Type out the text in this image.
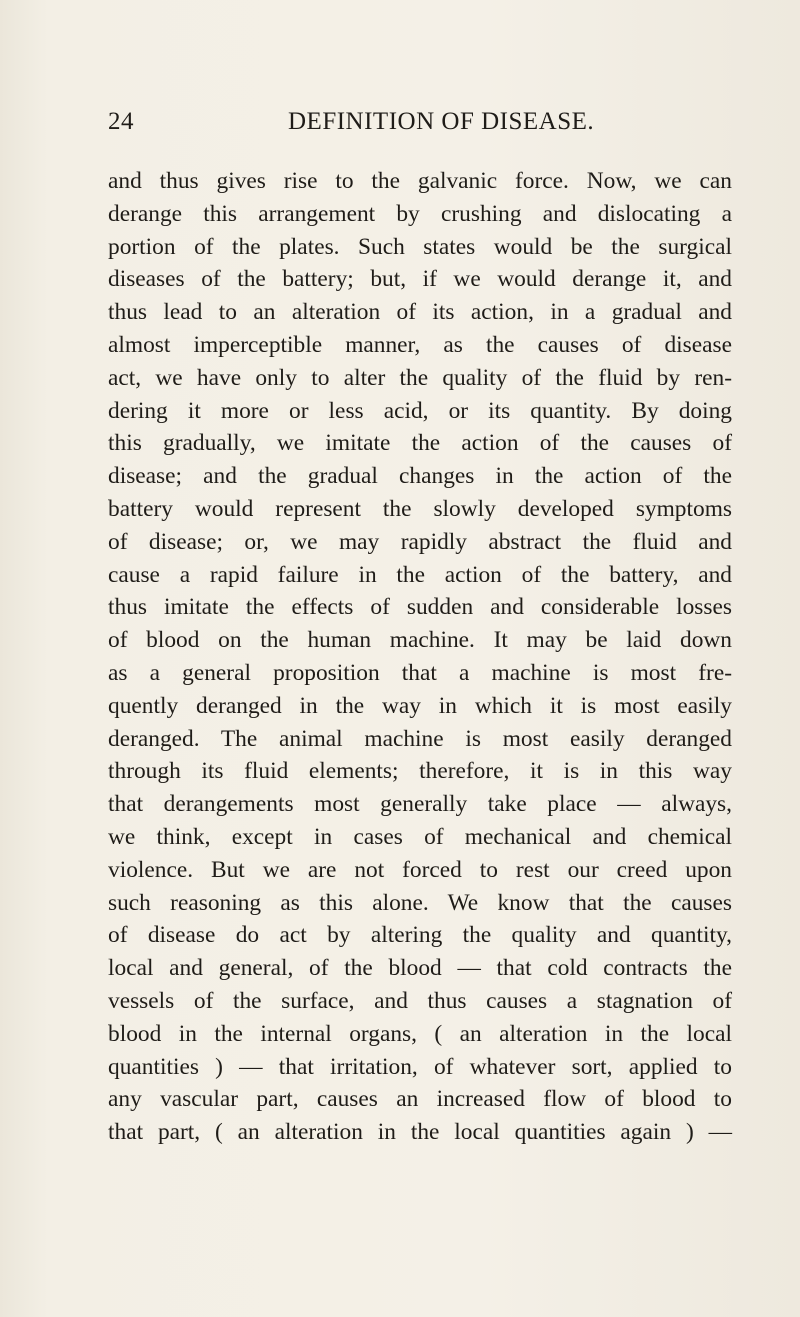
24	DEFINITION OF DISEASE.
and thus gives rise to the galvanic force. Now, we can
derange this arrangement by crushing and dislocating a
portion of the plates. Such states would be the surgical
diseases of the battery; but, if we would derange it, and
thus lead to an alteration of its action, in a gradual and
almost imperceptible manner, as the causes of disease
act, we have only to alter the quality of the fluid by ren-
dering it more or less acid, or its quantity. By doing
this gradually, we imitate the action of the causes of
disease; and the gradual changes in the action of the
battery would represent the slowly developed symptoms
of disease; or, we may rapidly abstract the fluid and
cause a rapid failure in the action of the battery, and
thus imitate the effects of sudden and considerable losses
of blood on the human machine. It may be laid down
as a general proposition that a machine is most fre-
quently deranged in the way in which it is most easily
deranged. The animal machine is most easily deranged
through its fluid elements; therefore, it is in this way
that derangements most generally take place — always,
we think, except in cases of mechanical and chemical
violence. But we are not forced to rest our creed upon
such reasoning as this alone. We know that the causes
of disease do act by altering the quality and quantity,
local and general, of the blood — that cold contracts the
vessels of the surface, and thus causes a stagnation of
blood in the internal organs, ( an alteration in the local
quantities ) — that irritation, of whatever sort, applied to
any vascular part, causes an increased flow of blood to
that part, ( an alteration in the local quantities again ) —
